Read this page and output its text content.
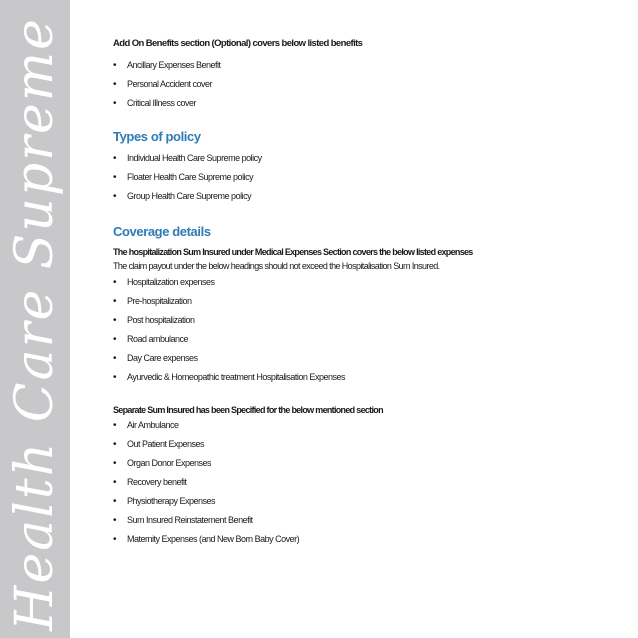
Health Care Supreme	Add On Benefits section (Optional) covers below listed benefits

• Ancillary Expenses Benefit
• Personal Accident cover
• Critical Illness cover
Types of policy
• Individual Health Care Supreme policy
• Floater Health Care Supreme policy
• Group Health Care Supreme policy
Coverage details

The hospitalization Sum Insured under Medical Expenses Section covers the below listed expenses

The claim payout under the below headings should not exceed the Hospitalisation Sum Insured.

• Hospitalization expenses
• Pre-hospitalization
• Post hospitalization
• Road ambulance
• Day Care expenses
• Ayurvedic & Homeopathic treatment Hospitalisation Expenses

Separate Sum Insured has been Specified for the below mentioned section

• Air Ambulance
• Out Patient Expenses
• Organ Donor Expenses
• Recovery benefit
• Physiotherapy Expenses
• Sum Insured Reinstatement Benefit
• Maternity Expenses (and New Born Baby Cover)
